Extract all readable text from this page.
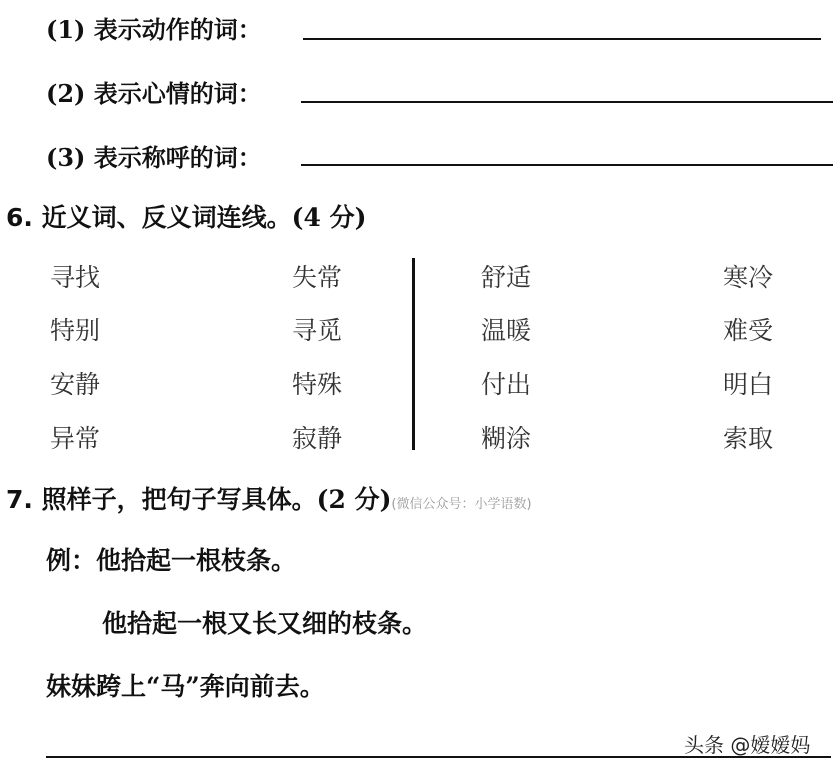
(1) 表示动作的词：
(2) 表示心情的词：
(3) 表示称呼的词：
6. 近义词、反义词连线。(4 分)
寻找
特别
安静
异常
失常
寻觅
特殊
寂静
舒适
温暖
付出
糊涂
寒冷
难受
明白
索取
7. 照样子，把句子写具体。(2 分)(微信公众号：小学语数)
例：他拾起一根枝条。
他拾起一根又长又细的枝条。
妹妹跨上“马”奔向前去。
头条 @嫒嫒妈
